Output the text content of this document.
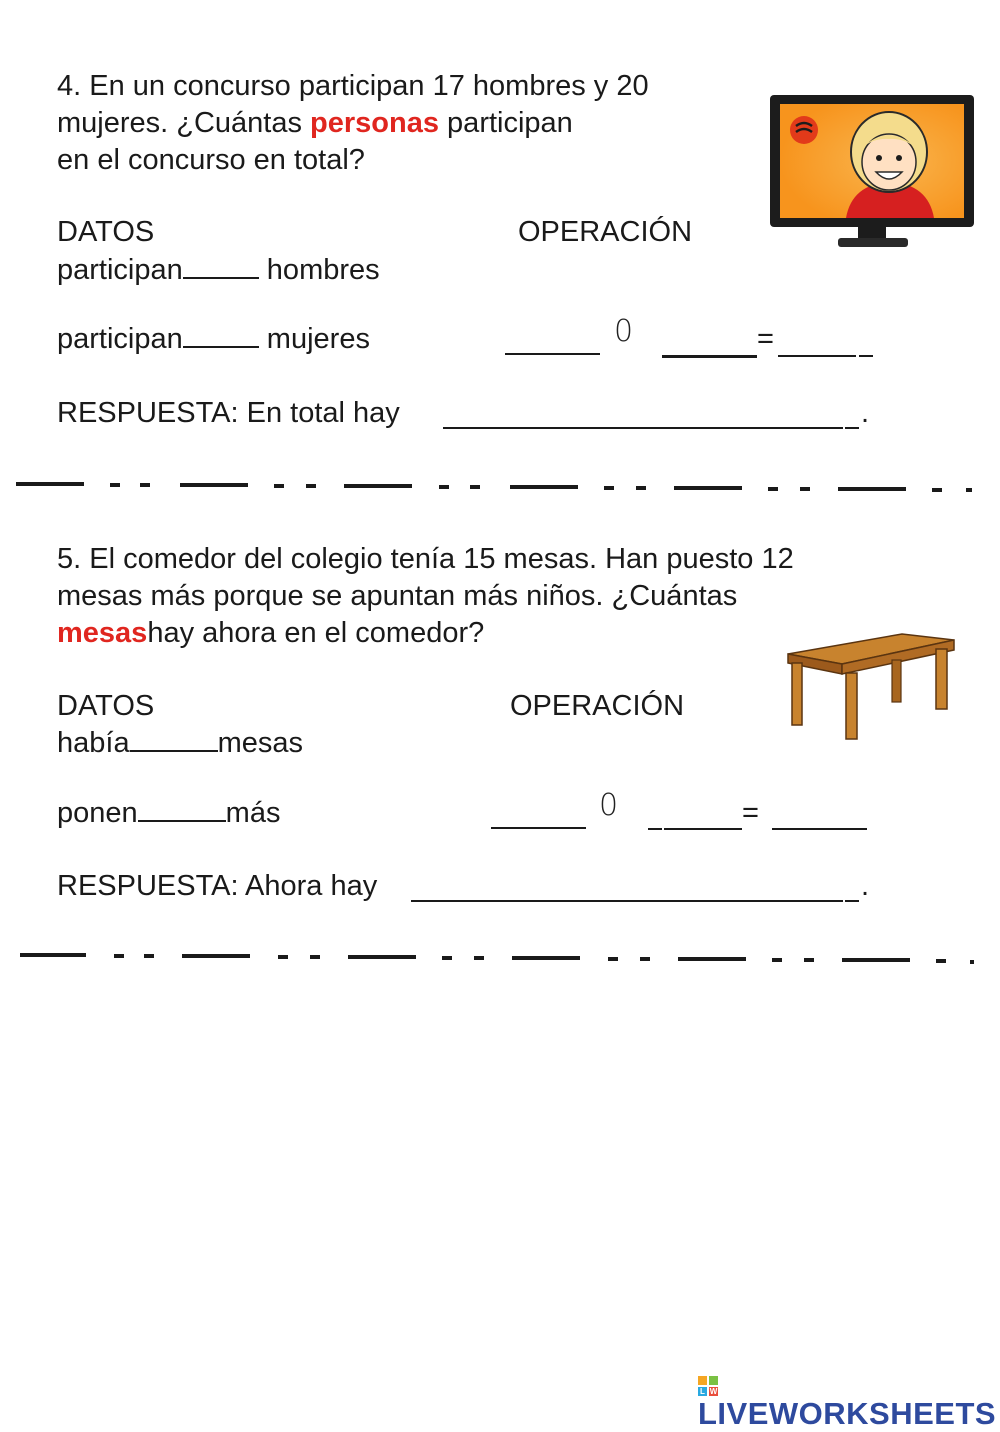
4. En un concurso participan 17 hombres y 20
mujeres. ¿Cuántas personas participan
en el concurso en total?
DATOS	OPERACIÓN
participan	hombres
participan	mujeres	0	=
RESPUESTA: En total hay	.
5. El comedor del colegio tenía 15 mesas. Han puesto 12
mesas más porque se apuntan más niños. ¿Cuántas
mesashay ahora en el comedor?
DATOS	OPERACIÓN
había	mesas
ponen	más	0	=
RESPUESTA: Ahora hay	.
L W
LIVEWORKSHEETS
